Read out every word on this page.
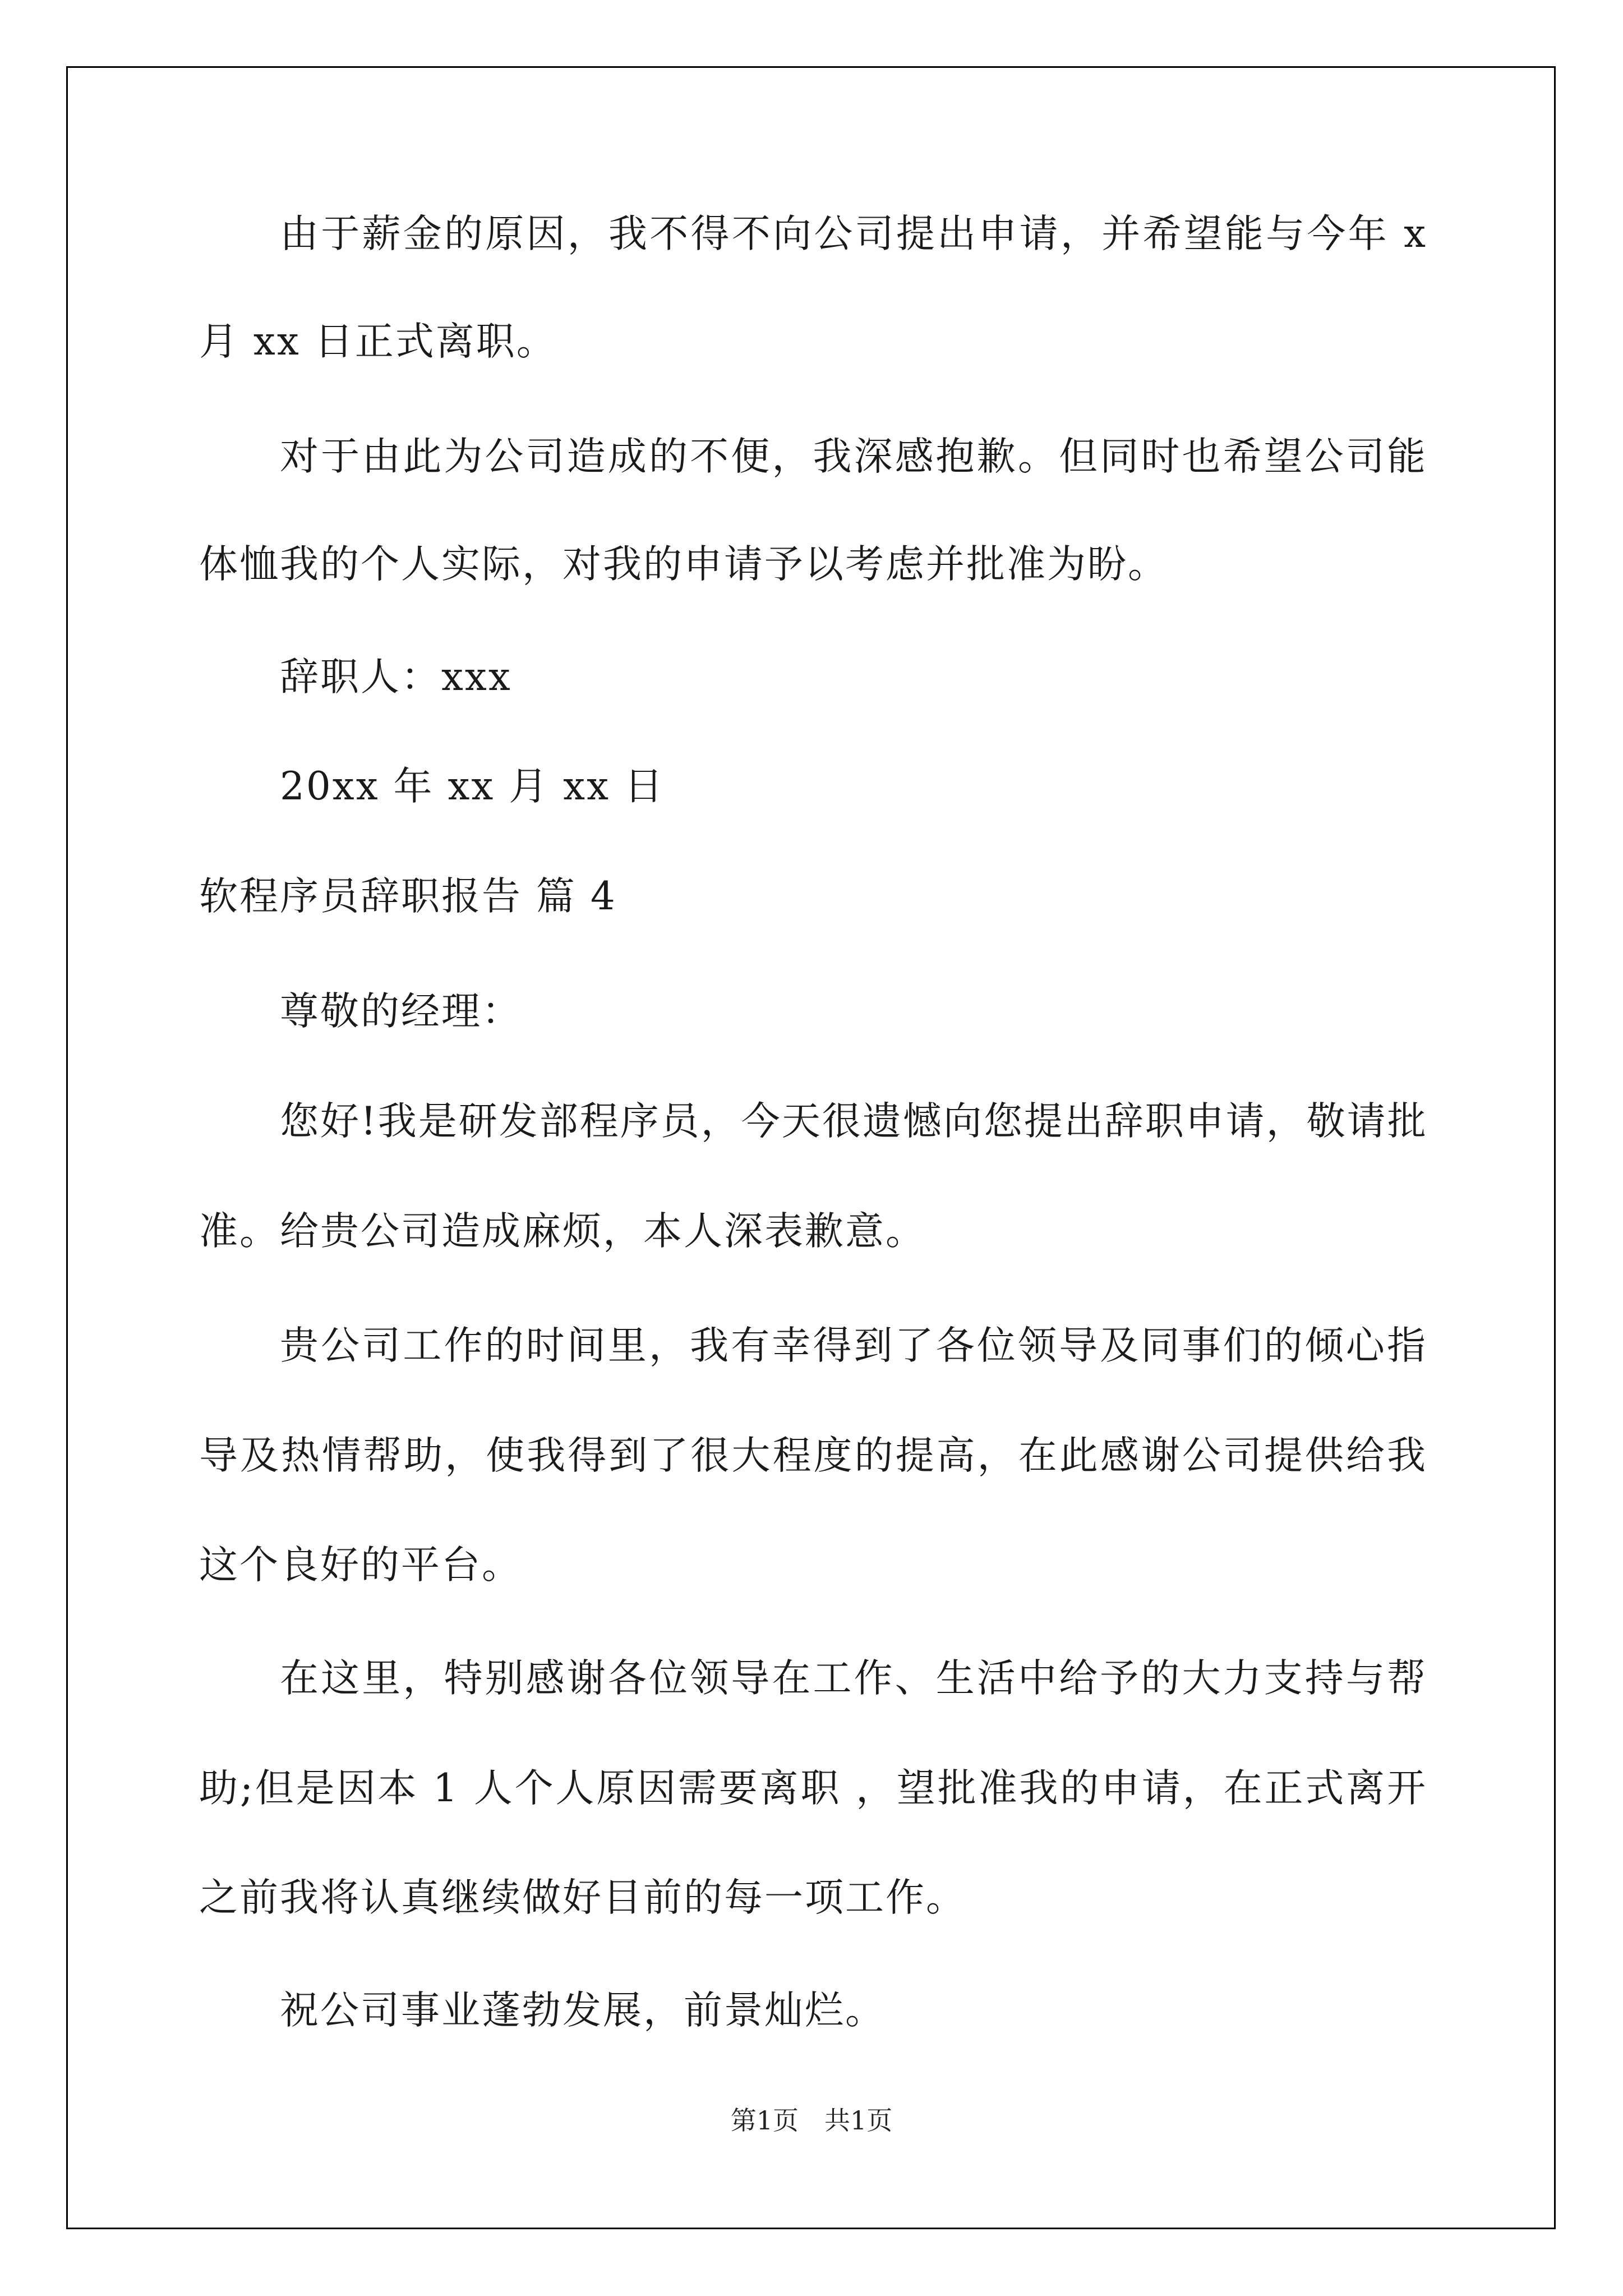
由于薪金的原因，我不得不向公司提出申请，并希望能与今年 x
月 xx 日正式离职。
对于由此为公司造成的不便，我深感抱歉。但同时也希望公司能
体恤我的个人实际，对我的申请予以考虑并批准为盼。
辞职人：xxx
20xx 年 xx 月 xx 日
软程序员辞职报告 篇 4
尊敬的经理：
您好!我是研发部程序员，今天很遗憾向您提出辞职申请，敬请批
准。给贵公司造成麻烦，本人深表歉意。
贵公司工作的时间里，我有幸得到了各位领导及同事们的倾心指
导及热情帮助，使我得到了很大程度的提高，在此感谢公司提供给我
这个良好的平台。
在这里，特别感谢各位领导在工作、生活中给予的大力支持与帮
助;但是因本 1 人个人原因需要离职 ，望批准我的申请，在正式离开
之前我将认真继续做好目前的每一项工作。
祝公司事业蓬勃发展，前景灿烂。
第1页 共1页
